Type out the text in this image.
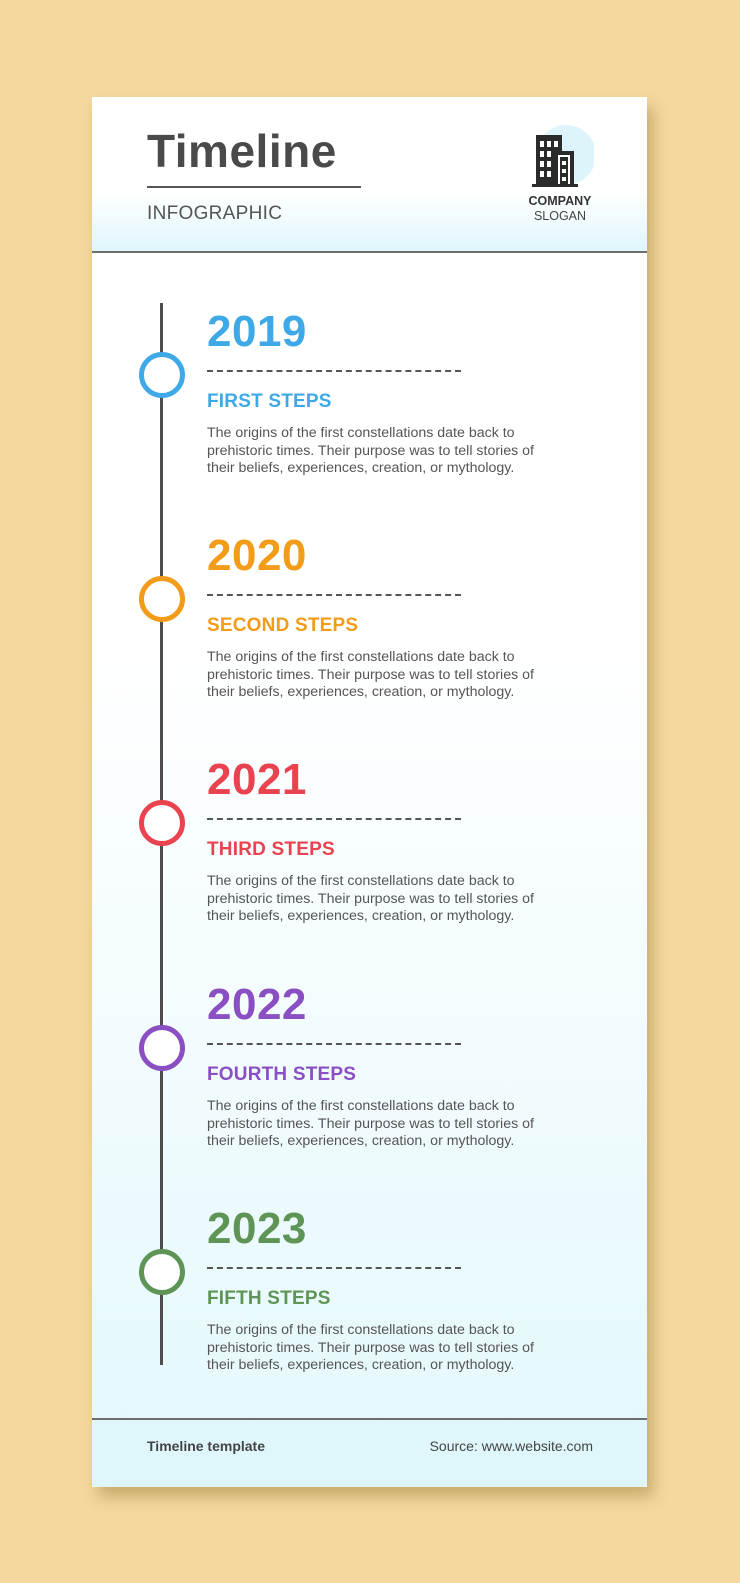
Timeline
INFOGRAPHIC
COMPANY
SLOGAN
2019
FIRST STEPS
The origins of the first constellations date back to prehistoric times. Their purpose was to tell stories of their beliefs, experiences, creation, or mythology.
2020
SECOND STEPS
The origins of the first constellations date back to prehistoric times. Their purpose was to tell stories of their beliefs, experiences, creation, or mythology.
2021
THIRD STEPS
The origins of the first constellations date back to prehistoric times. Their purpose was to tell stories of their beliefs, experiences, creation, or mythology.
2022
FOURTH STEPS
The origins of the first constellations date back to prehistoric times. Their purpose was to tell stories of their beliefs, experiences, creation, or mythology.
2023
FIFTH STEPS
The origins of the first constellations date back to prehistoric times. Their purpose was to tell stories of their beliefs, experiences, creation, or mythology.
Timeline template	Source: www.website.com
